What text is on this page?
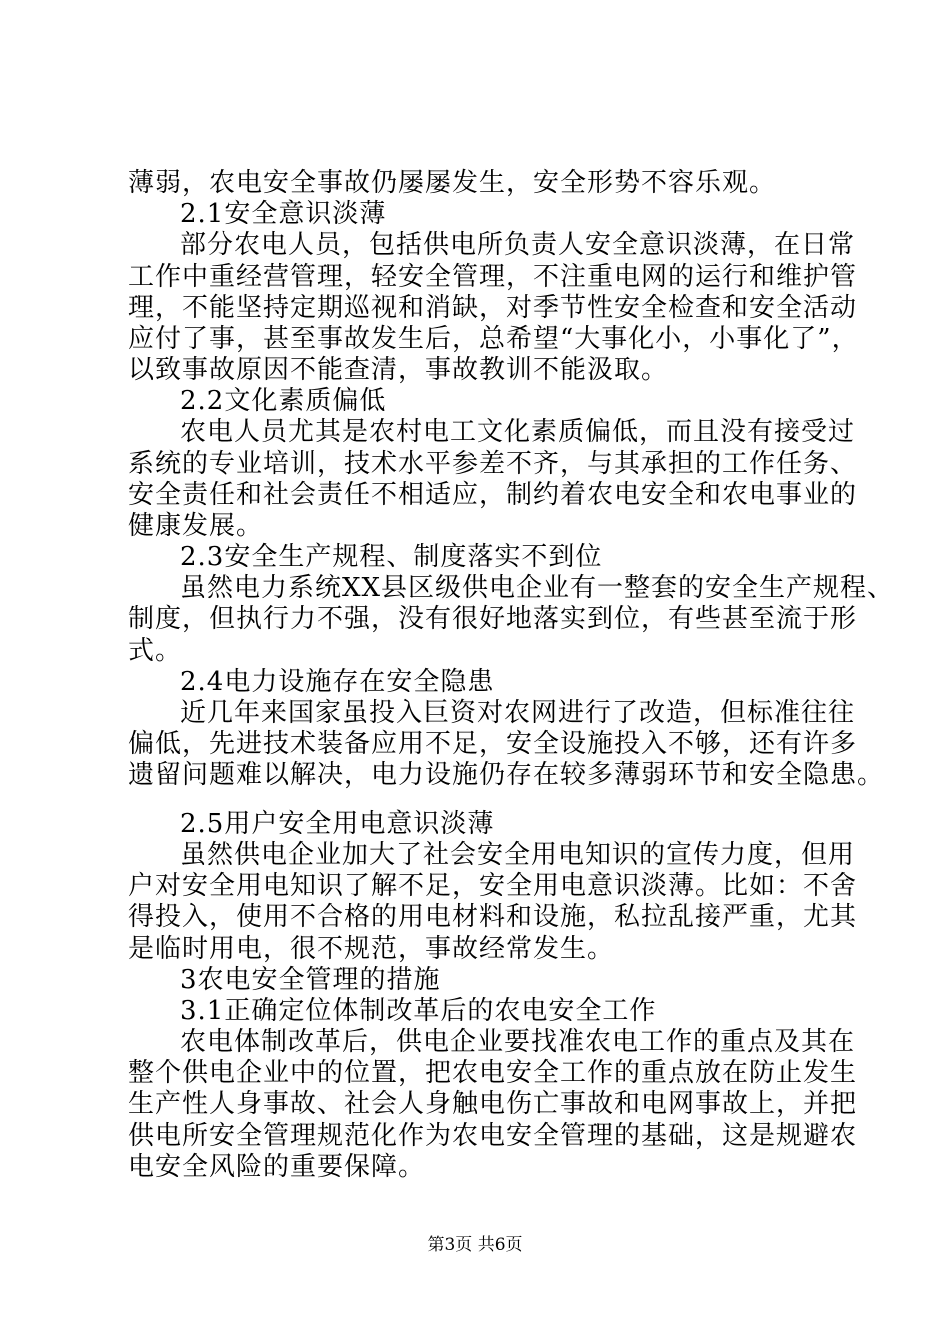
薄弱，农电安全事故仍屡屡发生，安全形势不容乐观。
2.1安全意识淡薄
部分农电人员，包括供电所负责人安全意识淡薄，在日常
工作中重经营管理，轻安全管理，不注重电网的运行和维护管
理，不能坚持定期巡视和消缺，对季节性安全检查和安全活动
应付了事，甚至事故发生后，总希望“大事化小，小事化了”，
以致事故原因不能查清，事故教训不能汲取。
2.2文化素质偏低
农电人员尤其是农村电工文化素质偏低，而且没有接受过
系统的专业培训，技术水平参差不齐，与其承担的工作任务、
安全责任和社会责任不相适应，制约着农电安全和农电事业的
健康发展。
2.3安全生产规程、制度落实不到位
虽然电力系统XX县区级供电企业有一整套的安全生产规程、
制度，但执行力不强，没有很好地落实到位，有些甚至流于形
式。
2.4电力设施存在安全隐患
近几年来国家虽投入巨资对农网进行了改造，但标准往往
偏低，先进技术装备应用不足，安全设施投入不够，还有许多
遗留问题难以解决，电力设施仍存在较多薄弱环节和安全隐患。
2.5用户安全用电意识淡薄
虽然供电企业加大了社会安全用电知识的宣传力度，但用
户对安全用电知识了解不足，安全用电意识淡薄。比如：不舍
得投入，使用不合格的用电材料和设施，私拉乱接严重，尤其
是临时用电，很不规范，事故经常发生。
3农电安全管理的措施
3.1正确定位体制改革后的农电安全工作
农电体制改革后，供电企业要找准农电工作的重点及其在
整个供电企业中的位置，把农电安全工作的重点放在防止发生
生产性人身事故、社会人身触电伤亡事故和电网事故上，并把
供电所安全管理规范化作为农电安全管理的基础，这是规避农
电安全风险的重要保障。
第3页 共6页
